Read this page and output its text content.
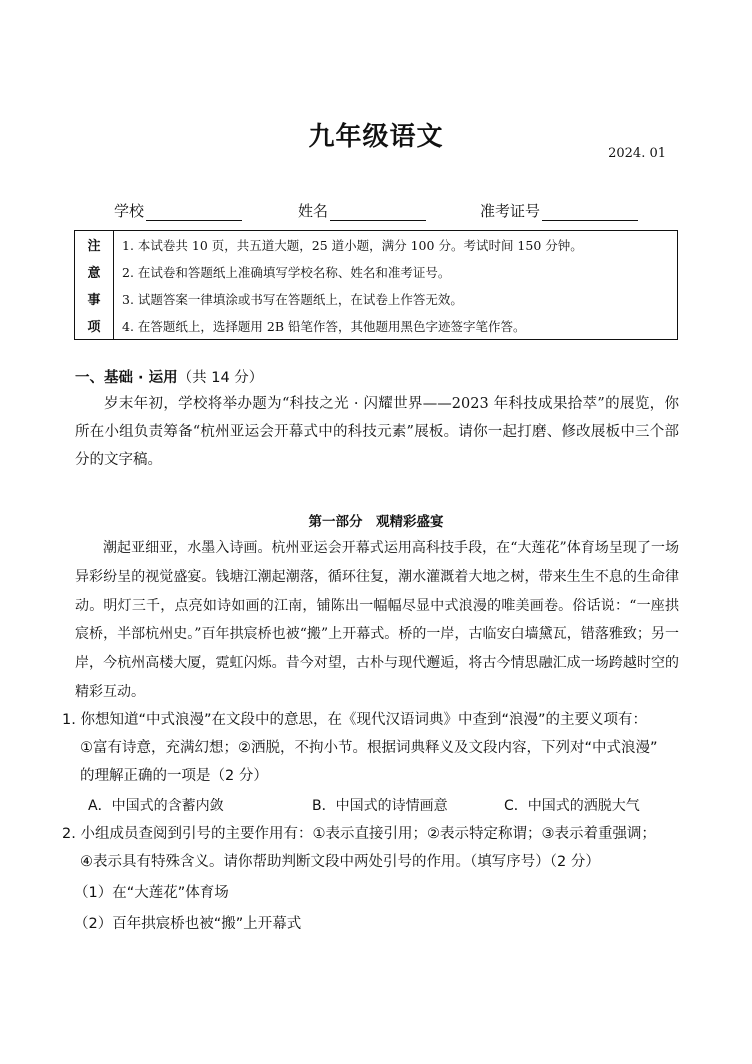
九年级语文
2024. 01
学校	姓名	准考证号
注	1. 本试卷共 10 页，共五道大题，25 道小题，满分 100 分。考试时间 150 分钟。
意	2. 在试卷和答题纸上准确填写学校名称、姓名和准考证号。
事	3. 试题答案一律填涂或书写在答题纸上，在试卷上作答无效。
项	4. 在答题纸上，选择题用 2B 铅笔作答，其他题用黑色字迹签字笔作答。
一、基础 · 运用（共 14 分）
岁末年初，学校将举办题为“科技之光 · 闪耀世界——2023 年科技成果拾萃”的展览，你所在小组负责筹备“杭州亚运会开幕式中的科技元素”展板。请你一起打磨、修改展板中三个部分的文字稿。
第一部分　观精彩盛宴
潮起亚细亚，水墨入诗画。杭州亚运会开幕式运用高科技手段，在“大莲花”体育场呈现了一场异彩纷呈的视觉盛宴。钱塘江潮起潮落，循环往复，潮水灌溉着大地之树，带来生生不息的生命律动。明灯三千，点亮如诗如画的江南，铺陈出一幅幅尽显中式浪漫的唯美画卷。俗话说：“一座拱宸桥，半部杭州史。”百年拱宸桥也被“搬”上开幕式。桥的一岸，古临安白墙黛瓦，错落雅致；另一岸，今杭州高楼大厦，霓虹闪烁。昔今对望，古朴与现代邂逅，将古今情思融汇成一场跨越时空的精彩互动。
1. 你想知道“中式浪漫”在文段中的意思，在《现代汉语词典》中查到“浪漫”的主要义项有：
①富有诗意，充满幻想；②洒脱，不拘小节。根据词典释义及文段内容，下列对“中式浪漫”
的理解正确的一项是（2 分）
A．中国式的含蓄内敛	B．中国式的诗情画意	C．中国式的洒脱大气
2. 小组成员查阅到引号的主要作用有：①表示直接引用；②表示特定称谓；③表示着重强调；
④表示具有特殊含义。请你帮助判断文段中两处引号的作用。（填写序号）（2 分）
（1）在“大莲花”体育场
（2）百年拱宸桥也被“搬”上开幕式
